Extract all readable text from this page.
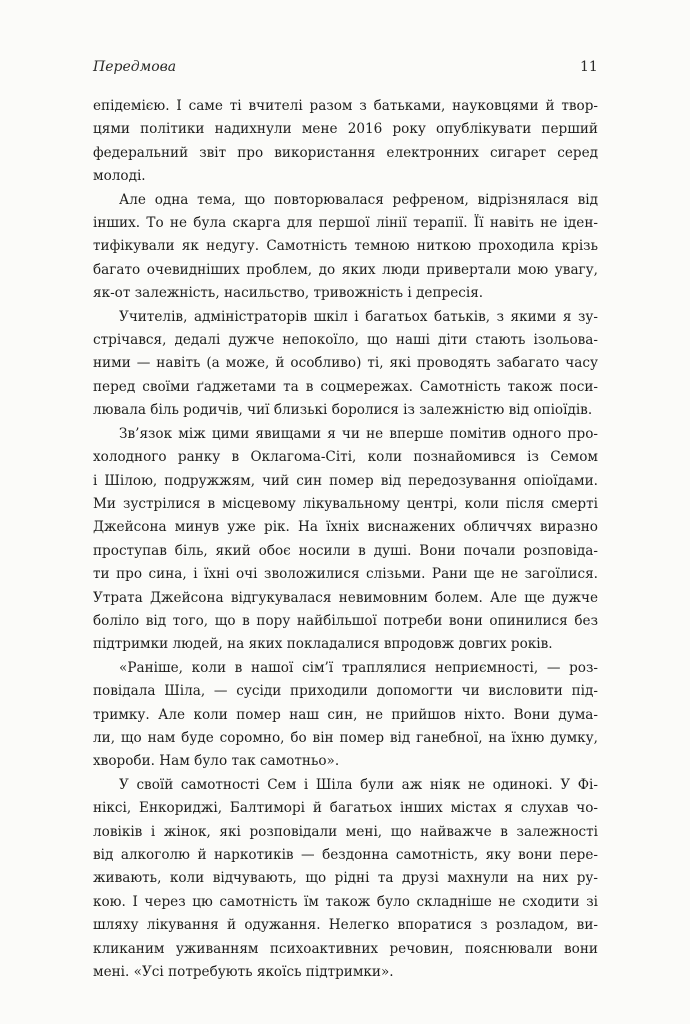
Передмова	11

епідемією. І саме ті вчителі разом з батьками, науковцями й твор-
цями політики надихнули мене 2016 року опублікувати перший
федеральний звіт про використання електронних сигарет серед
молоді.

Але одна тема, що повторювалася рефреном, відрізнялася від
інших. То не була скарга для першої лінії терапії. Її навіть не іден-
тифікували як недугу. Самотність темною ниткою проходила крізь
багато очевидніших проблем, до яких люди привертали мою увагу,
як-от залежність, насильство, тривожність і депресія.

Учителів, адміністраторів шкіл і багатьох батьків, з якими я зу-
стрічався, дедалі дужче непокоїло, що наші діти стають ізольова-
ними — навіть (а може, й особливо) ті, які проводять забагато часу
перед своїми ґаджетами та в соцмережах. Самотність також поси-
лювала біль родичів, чиї близькі боролися із залежністю від опіоїдів.

Зв’язок між цими явищами я чи не вперше помітив одного про-
холодного ранку в Оклагома-Сіті, коли познайомився із Семом
і Шілою, подружжям, чий син помер від передозування опіоїдами.
Ми зустрілися в місцевому лікувальному центрі, коли після смерті
Джейсона минув уже рік. На їхніх виснажених обличчях виразно
проступав біль, який обоє носили в душі. Вони почали розповіда-
ти про сина, і їхні очі зволожилися слізьми. Рани ще не загоїлися.
Утрата Джейсона відгукувалася невимовним болем. Але ще дужче
боліло від того, що в пору найбільшої потреби вони опинилися без
підтримки людей, на яких покладалися впродовж довгих років.

«Раніше, коли в нашої сім’ї траплялися неприємності, — роз-
повідала Шіла, — сусіди приходили допомогти чи висловити під-
тримку. Але коли помер наш син, не прийшов ніхто. Вони дума-
ли, що нам буде соромно, бо він помер від ганебної, на їхню думку,
хвороби. Нам було так самотньо».

У своїй самотності Сем і Шіла були аж ніяк не одинокі. У Фі-
ніксі, Енкориджі, Балтиморі й багатьох інших містах я слухав чо-
ловіків і жінок, які розповідали мені, що найважче в залежності
від алкоголю й наркотиків — бездонна самотність, яку вони пере-
живають, коли відчувають, що рідні та друзі махнули на них ру-
кою. І через цю самотність їм також було складніше не сходити зі
шляху лікування й одужання. Нелегко впоратися з розладом, ви-
кликаним уживанням психоактивних речовин, пояснювали вони
мені. «Усі потребують якоїсь підтримки».
